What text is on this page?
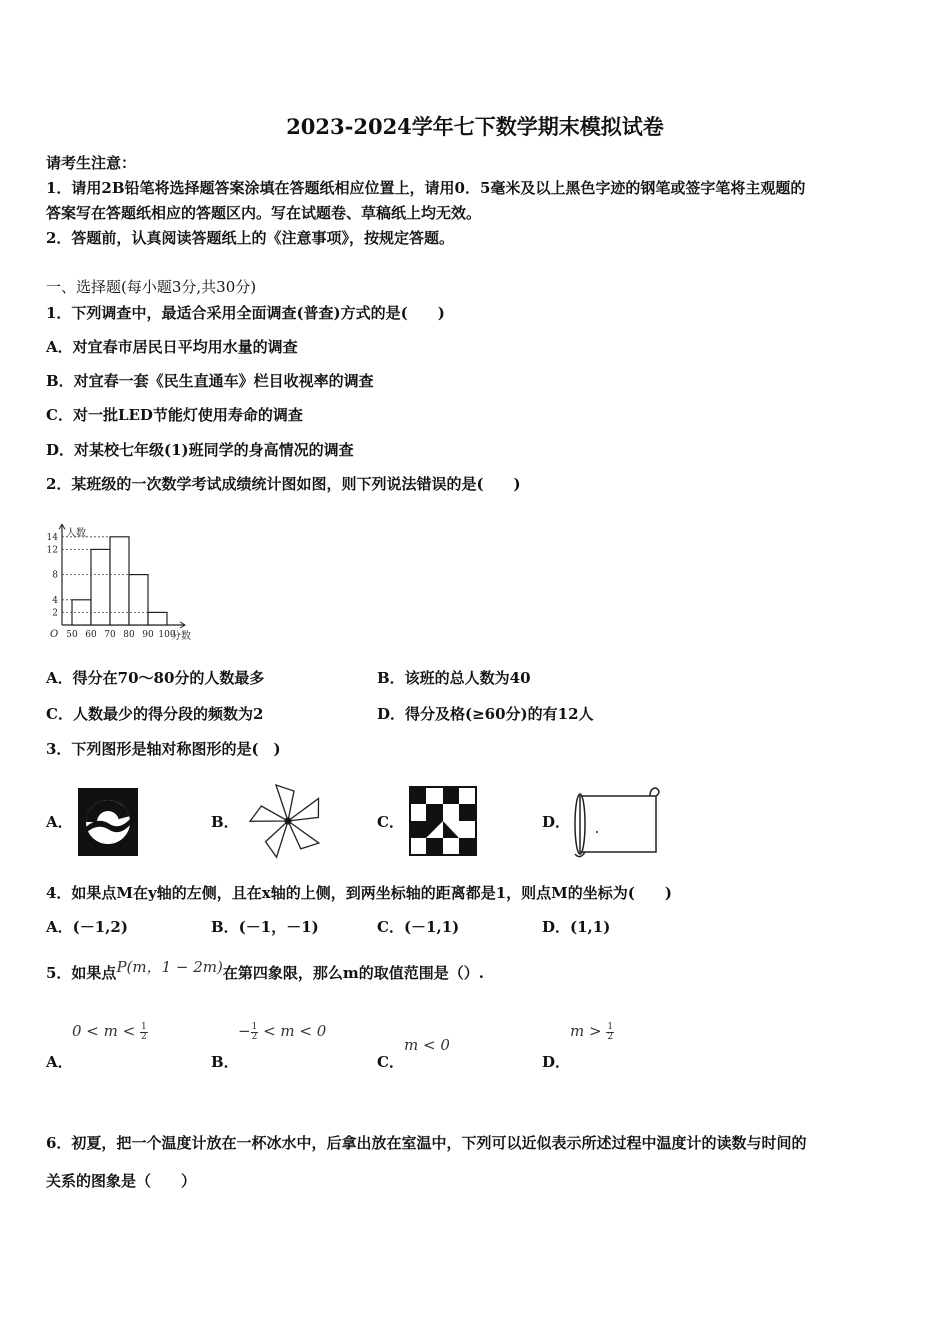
2023-2024学年七下数学期末模拟试卷
请考生注意：
1．请用2B铅笔将选择题答案涂填在答题纸相应位置上，请用0．5毫米及以上黑色字迹的钢笔或签字笔将主观题的
答案写在答题纸相应的答题区内。写在试题卷、草稿纸上均无效。
2．答题前，认真阅读答题纸上的《注意事项》，按规定答题。
一、选择题(每小题3分,共30分)
1．下列调查中，最适合采用全面调查(普查)方式的是(　　)
A．对宜春市居民日平均用水量的调查
B．对宜春一套《民生直通车》栏目收视率的调查
C．对一批LED节能灯使用寿命的调查
D．对某校七年级(1)班同学的身高情况的调查
2．某班级的一次数学考试成绩统计图如图，则下列说法错误的是(　　)
2
4
8
12
14
50 60 70 80 90 100
O
人数
分数
A．得分在70～80分的人数最多	B．该班的总人数为40
C．人数最少的得分段的频数为2	D．得分及格(≥60分)的有12人
3．下列图形是轴对称图形的是(　)
A．	B．	C．	D．
4．如果点M在y轴的左侧，且在x轴的上侧，到两坐标轴的距离都是1，则点M的坐标为(　　)
A．(－1,2)	B．(－1，－1)	C．(－1,1)	D．(1,1)
5．如果点P(m，1 − 2m)在第四象限，那么m的取值范围是（）.
A．
$0 < m < \frac{1}{2}$
B．
− $\frac{1}{2} < m < 0$
C．
m < 0
D．
$m > \frac{1}{2}$
6．初夏，把一个温度计放在一杯冰水中，后拿出放在室温中，下列可以近似表示所述过程中温度计的读数与时间的
关系的图象是（　　）
